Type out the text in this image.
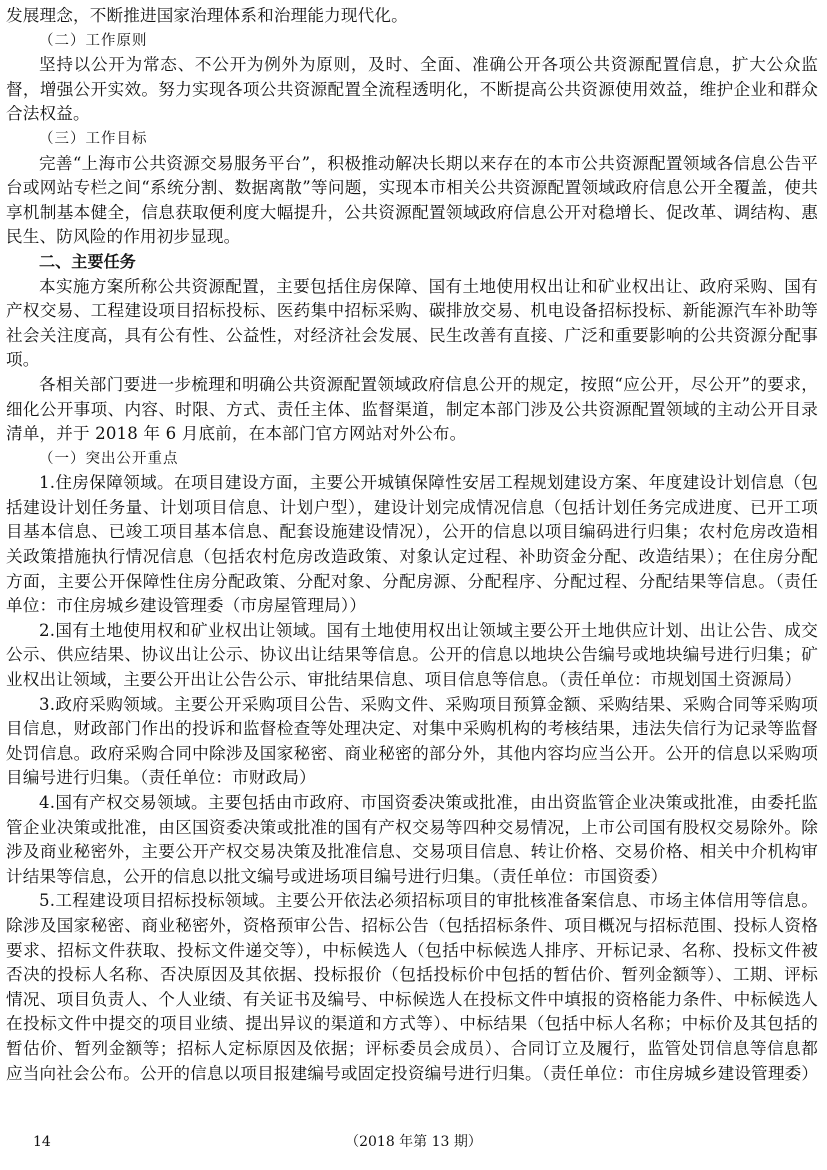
发展理念，不断推进国家治理体系和治理能力现代化。

（二）工作原则

坚持以公开为常态、不公开为例外为原则，及时、全面、准确公开各项公共资源配置信息，扩大公众监督，增强公开实效。努力实现各项公共资源配置全流程透明化，不断提高公共资源使用效益，维护企业和群众合法权益。

（三）工作目标

完善“上海市公共资源交易服务平台”，积极推动解决长期以来存在的本市公共资源配置领域各信息公告平台或网站专栏之间“系统分割、数据离散”等问题，实现本市相关公共资源配置领域政府信息公开全覆盖，使共享机制基本健全，信息获取便利度大幅提升，公共资源配置领域政府信息公开对稳增长、促改革、调结构、惠民生、防风险的作用初步显现。

二、主要任务

本实施方案所称公共资源配置，主要包括住房保障、国有土地使用权出让和矿业权出让、政府采购、国有产权交易、工程建设项目招标投标、医药集中招标采购、碳排放交易、机电设备招标投标、新能源汽车补助等社会关注度高，具有公有性、公益性，对经济社会发展、民生改善有直接、广泛和重要影响的公共资源分配事项。

各相关部门要进一步梳理和明确公共资源配置领域政府信息公开的规定，按照“应公开，尽公开”的要求，细化公开事项、内容、时限、方式、责任主体、监督渠道，制定本部门涉及公共资源配置领域的主动公开目录清单，并于 2018 年 6 月底前，在本部门官方网站对外公布。

（一）突出公开重点

1.住房保障领域。在项目建设方面，主要公开城镇保障性安居工程规划建设方案、年度建设计划信息（包括建设计划任务量、计划项目信息、计划户型），建设计划完成情况信息（包括计划任务完成进度、已开工项目基本信息、已竣工项目基本信息、配套设施建设情况），公开的信息以项目编码进行归集；农村危房改造相关政策措施执行情况信息（包括农村危房改造政策、对象认定过程、补助资金分配、改造结果）；在住房分配方面，主要公开保障性住房分配政策、分配对象、分配房源、分配程序、分配过程、分配结果等信息。（责任单位：市住房城乡建设管理委（市房屋管理局））

2.国有土地使用权和矿业权出让领域。国有土地使用权出让领域主要公开土地供应计划、出让公告、成交公示、供应结果、协议出让公示、协议出让结果等信息。公开的信息以地块公告编号或地块编号进行归集；矿业权出让领域，主要公开出让公告公示、审批结果信息、项目信息等信息。（责任单位：市规划国土资源局）

3.政府采购领域。主要公开采购项目公告、采购文件、采购项目预算金额、采购结果、采购合同等采购项目信息，财政部门作出的投诉和监督检查等处理决定、对集中采购机构的考核结果，违法失信行为记录等监督处罚信息。政府采购合同中除涉及国家秘密、商业秘密的部分外，其他内容均应当公开。公开的信息以采购项目编号进行归集。（责任单位：市财政局）

4.国有产权交易领域。主要包括由市政府、市国资委决策或批准，由出资监管企业决策或批准，由委托监管企业决策或批准，由区国资委决策或批准的国有产权交易等四种交易情况，上市公司国有股权交易除外。除涉及商业秘密外，主要公开产权交易决策及批准信息、交易项目信息、转让价格、交易价格、相关中介机构审计结果等信息，公开的信息以批文编号或进场项目编号进行归集。（责任单位：市国资委）

5.工程建设项目招标投标领域。主要公开依法必须招标项目的审批核准备案信息、市场主体信用等信息。除涉及国家秘密、商业秘密外，资格预审公告、招标公告（包括招标条件、项目概况与招标范围、投标人资格要求、招标文件获取、投标文件递交等），中标候选人（包括中标候选人排序、开标记录、名称、投标文件被否决的投标人名称、否决原因及其依据、投标报价（包括投标价中包括的暂估价、暂列金额等）、工期、评标情况、项目负责人、个人业绩、有关证书及编号、中标候选人在投标文件中填报的资格能力条件、中标候选人在投标文件中提交的项目业绩、提出异议的渠道和方式等）、中标结果（包括中标人名称；中标价及其包括的暂估价、暂列金额等；招标人定标原因及依据；评标委员会成员）、合同订立及履行，监管处罚信息等信息都应当向社会公布。公开的信息以项目报建编号或固定投资编号进行归集。（责任单位：市住房城乡建设管理委）

14	（2018 年第 13 期）
